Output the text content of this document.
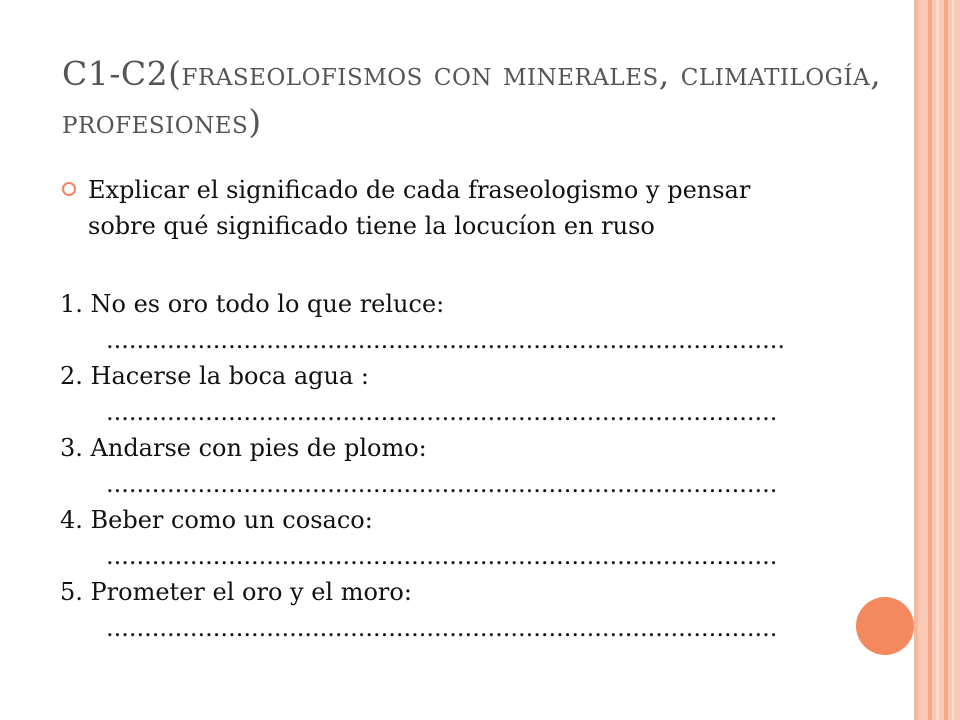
C1-C2(fraseolofismos con minerales, climatilogía, profesiones)
Explicar el significado de cada fraseologismo y pensar sobre qué significado tiene la locucíon en ruso
1. No es oro todo lo que reluce:
.........................................................................................
2. Hacerse la boca agua :
........................................................................................
3. Andarse con pies de plomo:
........................................................................................
4. Beber como un cosaco:
........................................................................................
5. Prometer el oro y el moro:
........................................................................................
